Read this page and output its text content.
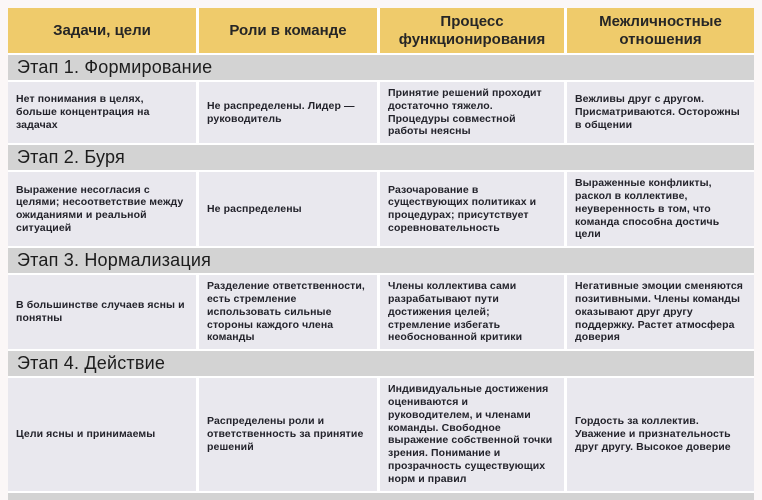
Задачи, цели	Роли в команде
Процесс функционирования
Межличностные отношения
Этап 1. Формирование
Нет понимания в целях, больше концентрация на задачах
Не распределены. Лидер — руководитель
Принятие решений проходит достаточно тяжело. Процедуры совместной работы неясны
Вежливы друг с другом. Присматриваются. Осторожны в общении
Этап 2. Буря
Выражение несогласия с целями; несоответствие между ожиданиями и реальной ситуацией
Не распределены
Разочарование в существующих политиках и процедурах; присутствует соревновательность
Выраженные конфликты, раскол в коллективе, неуверенность в том, что команда способна достичь цели
Этап 3. Нормализация
В большинстве случаев ясны и понятны
Разделение ответственности, есть стремление использовать сильные стороны каждого члена команды
Члены коллектива сами разрабатывают пути достижения целей; стремление избегать необоснованной критики
Негативные эмоции сменяются позитивными. Члены команды оказывают друг другу поддержку. Растет атмосфера доверия
Этап 4. Действие
Цели ясны и принимаемы
Распределены роли и ответственность за принятие решений
Индивидуальные достижения оцениваются и руководителем, и членами команды. Свободное выражение собственной точки зрения. Понимание и прозрачность существующих норм и правил
Гордость за коллектив. Уважение и признательность друг другу. Высокое доверие
